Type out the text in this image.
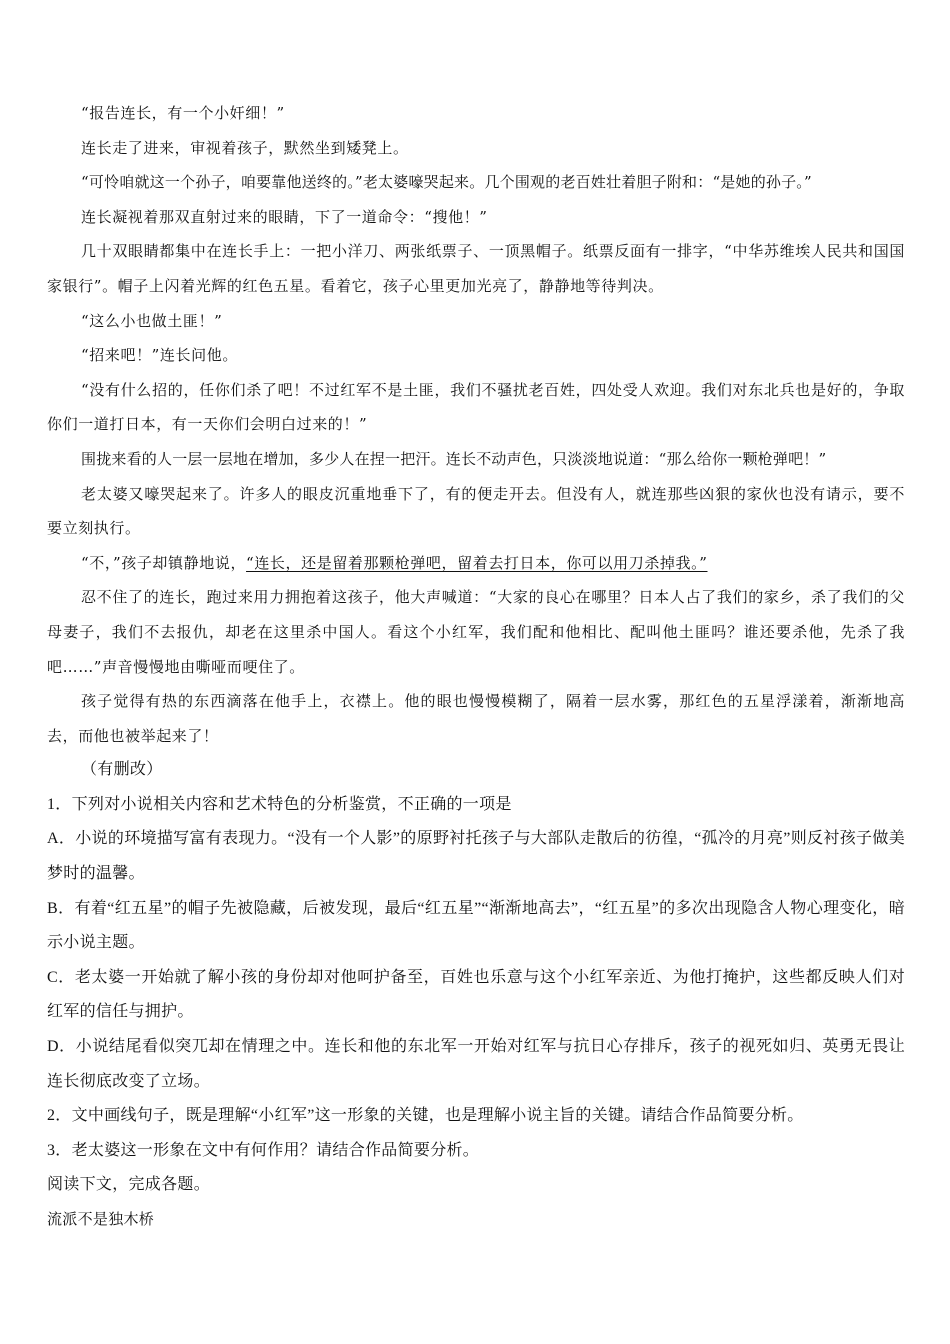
“报告连长，有一个小奸细！”

连长走了进来，审视着孩子，默然坐到矮凳上。

“可怜咱就这一个孙子，咱要靠他送终的。”老太婆嚎哭起来。几个围观的老百姓壮着胆子附和：“是她的孙子。”

连长凝视着那双直射过来的眼睛，下了一道命令：“搜他！”

几十双眼睛都集中在连长手上：一把小洋刀、两张纸票子、一顶黑帽子。纸票反面有一排字，“中华苏维埃人民共和国国家银行”。帽子上闪着光辉的红色五星。看着它，孩子心里更加光亮了，静静地等待判决。

“这么小也做土匪！”

“招来吧！”连长问他。

“没有什么招的，任你们杀了吧！不过红军不是土匪，我们不骚扰老百姓，四处受人欢迎。我们对东北兵也是好的，争取你们一道打日本，有一天你们会明白过来的！”

围拢来看的人一层一层地在增加，多少人在捏一把汗。连长不动声色，只淡淡地说道：“那么给你一颗枪弹吧！”

老太婆又嚎哭起来了。许多人的眼皮沉重地垂下了，有的便走开去。但没有人，就连那些凶狠的家伙也没有请示，要不要立刻执行。

“不，”孩子却镇静地说，“连长，还是留着那颗枪弹吧，留着去打日本，你可以用刀杀掉我。”

忍不住了的连长，跑过来用力拥抱着这孩子，他大声喊道：“大家的良心在哪里？日本人占了我们的家乡，杀了我们的父母妻子，我们不去报仇，却老在这里杀中国人。看这个小红军，我们配和他相比、配叫他土匪吗？谁还要杀他，先杀了我吧……”声音慢慢地由嘶哑而哽住了。

孩子觉得有热的东西滴落在他手上，衣襟上。他的眼也慢慢模糊了，隔着一层水雾，那红色的五星浮漾着，渐渐地高去，而他也被举起来了！

（有删改）

1．下列对小说相关内容和艺术特色的分析鉴赏，不正确的一项是

A．小说的环境描写富有表现力。“没有一个人影”的原野衬托孩子与大部队走散后的彷徨，“孤冷的月亮”则反衬孩子做美梦时的温馨。

B．有着“红五星”的帽子先被隐藏，后被发现，最后“红五星”“渐渐地高去”，“红五星”的多次出现隐含人物心理变化，暗示小说主题。

C．老太婆一开始就了解小孩的身份却对他呵护备至，百姓也乐意与这个小红军亲近、为他打掩护，这些都反映人们对红军的信任与拥护。

D．小说结尾看似突兀却在情理之中。连长和他的东北军一开始对红军与抗日心存排斥，孩子的视死如归、英勇无畏让连长彻底改变了立场。

2．文中画线句子，既是理解“小红军”这一形象的关键，也是理解小说主旨的关键。请结合作品简要分析。

3．老太婆这一形象在文中有何作用？请结合作品简要分析。

阅读下文，完成各题。

流派不是独木桥
